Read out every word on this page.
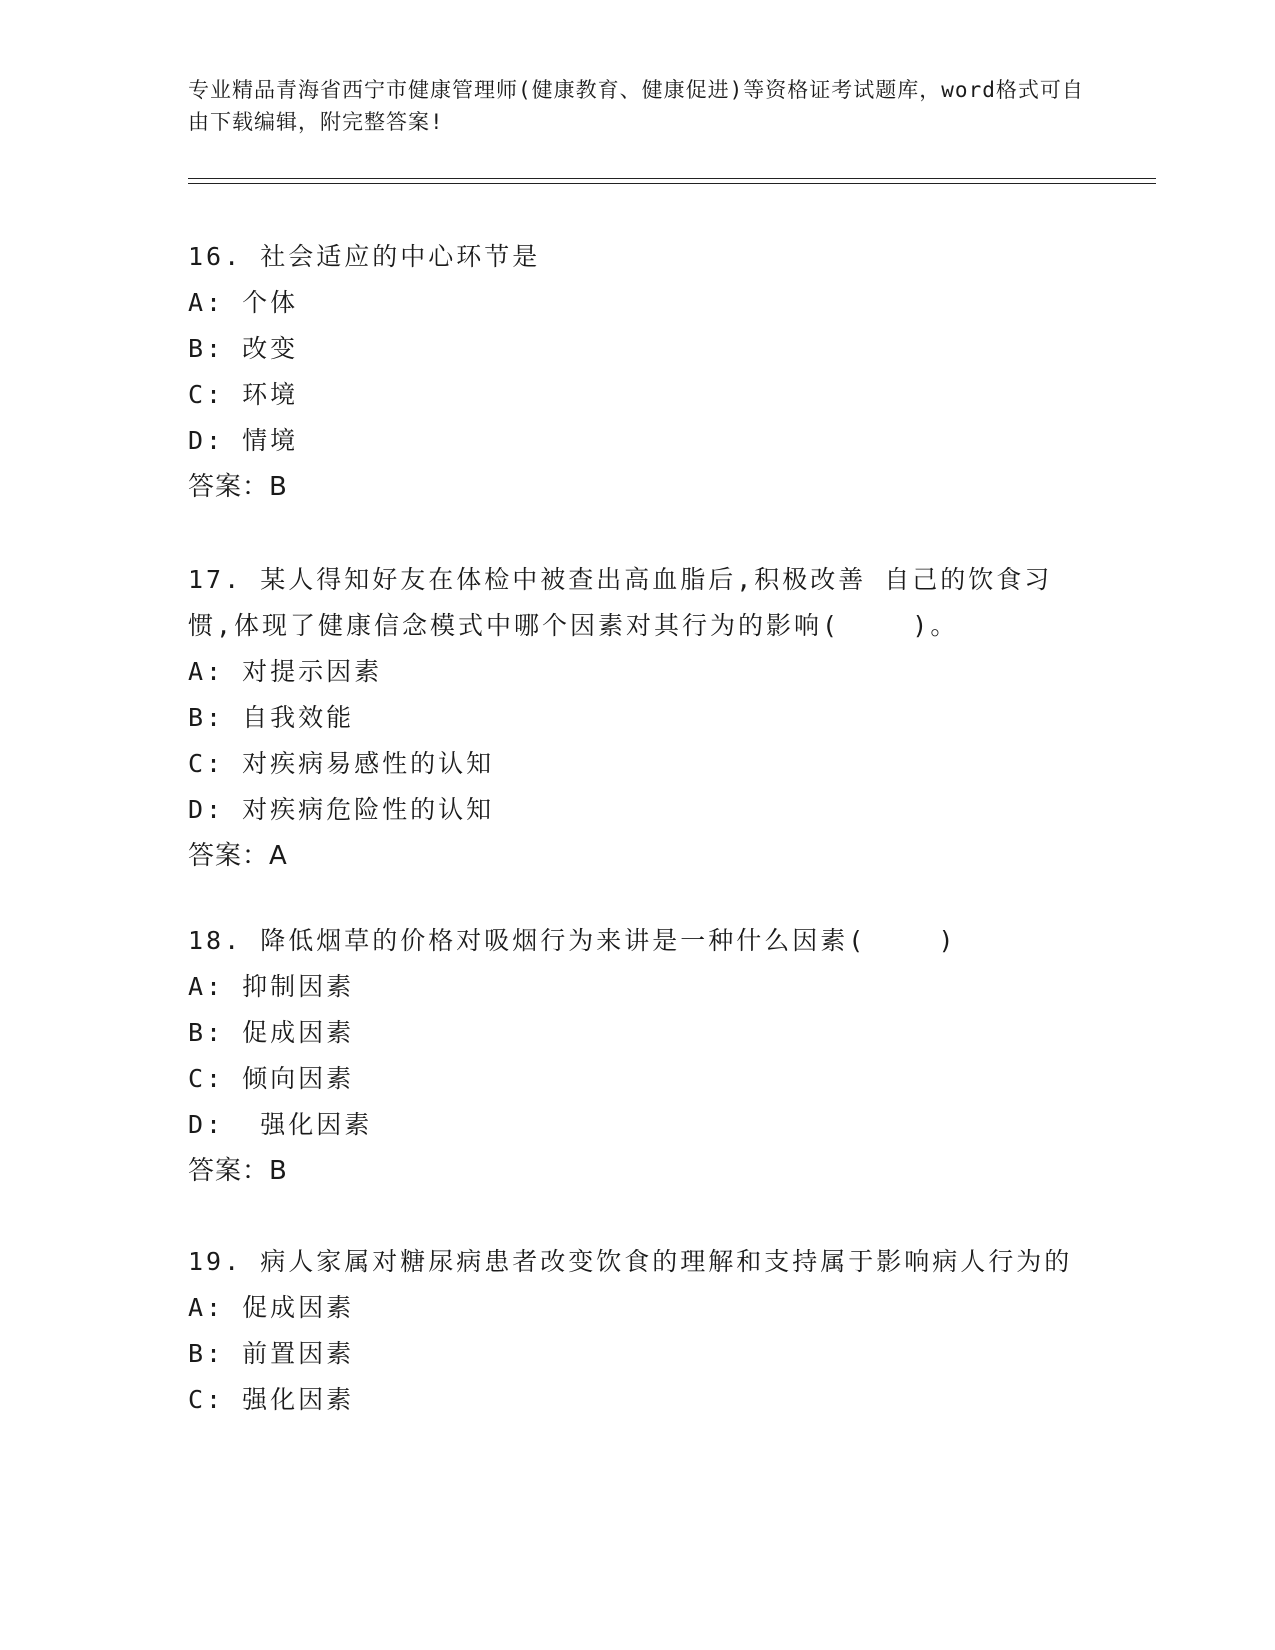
专业精品青海省西宁市健康管理师(健康教育、健康促进)等资格证考试题库，word格式可自由下载编辑，附完整答案!
16. 社会适应的中心环节是
A: 个体
B: 改变
C: 环境
D: 情境
答案：B
17. 某人得知好友在体检中被查出高血脂后,积极改善 自己的饮食习惯,体现了健康信念模式中哪个因素对其行为的影响(    )。
A: 对提示因素
B: 自我效能
C: 对疾病易感性的认知
D: 对疾病危险性的认知
答案：A
18. 降低烟草的价格对吸烟行为来讲是一种什么因素(    )
A: 抑制因素
B: 促成因素
C: 倾向因素
D:  强化因素
答案：B
19. 病人家属对糖尿病患者改变饮食的理解和支持属于影响病人行为的
A: 促成因素
B: 前置因素
C: 强化因素
